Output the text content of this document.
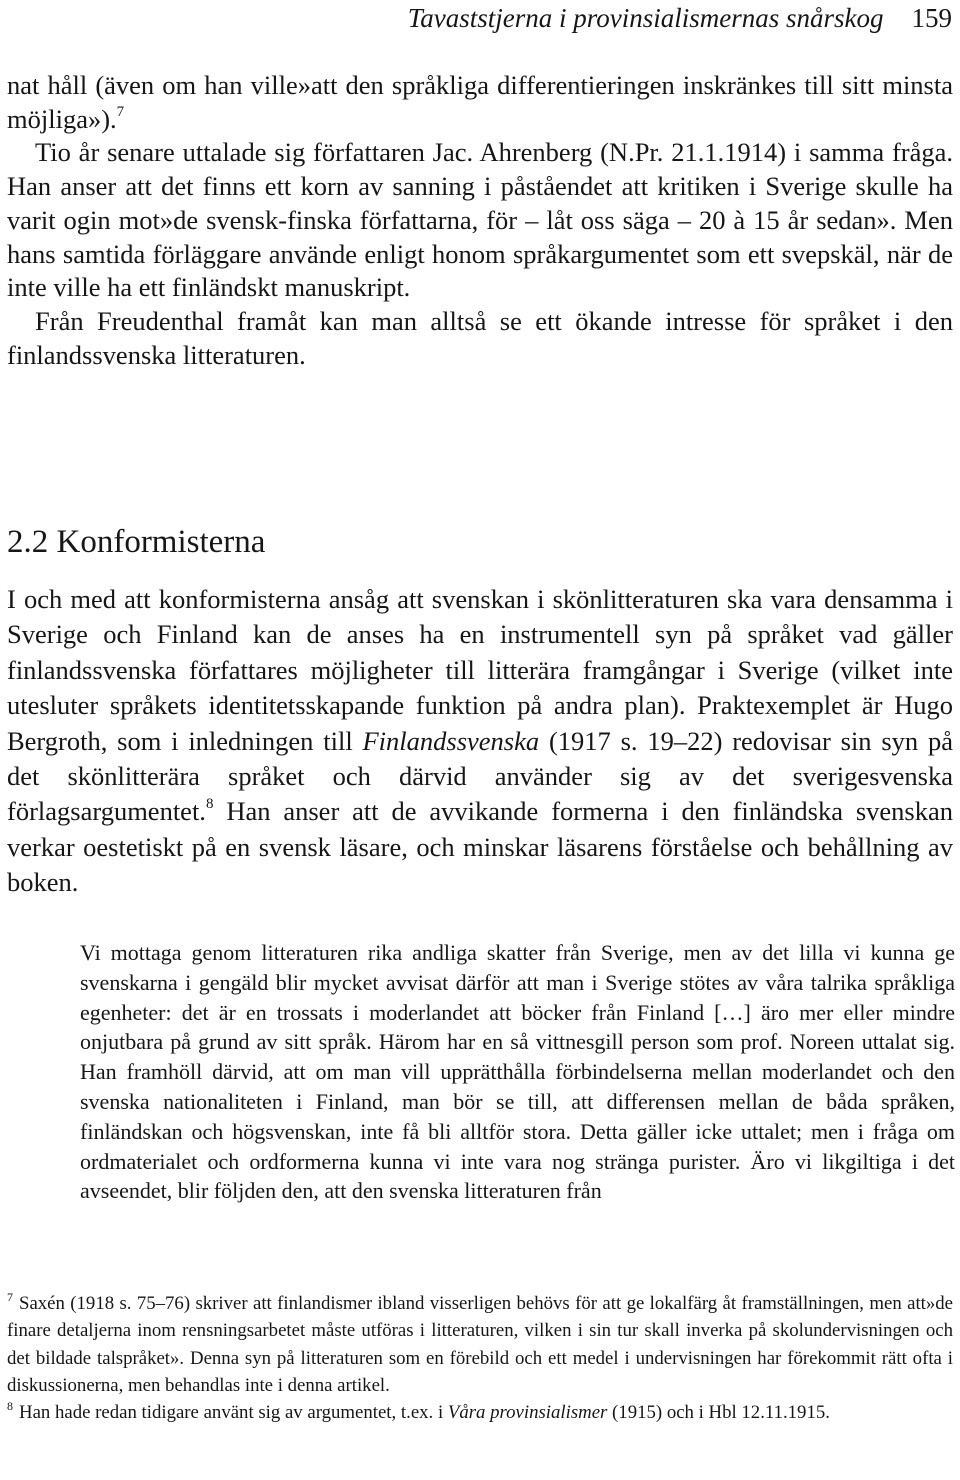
Tavaststjerna i provinsialismernas snårskog 159

nat håll (även om han ville»att den språkliga differentieringen inskränkes till sitt minsta möjliga»).$^7$

Tio år senare uttalade sig författaren Jac. Ahrenberg (N.Pr. 21.1.1914) i samma fråga. Han anser att det finns ett korn av sanning i påståendet att kritiken i Sverige skulle ha varit ogin mot»de svensk-finska författarna, för – låt oss säga – 20 à 15 år sedan». Men hans samtida förläggare använde enligt honom språkargumentet som ett svepskäl, när de inte ville ha ett finländskt manuskript.

Från Freudenthal framåt kan man alltså se ett ökande intresse för språket i den finlandssvenska litteraturen.

2.2 Konformisterna

I och med att konformisterna ansåg att svenskan i skönlitteraturen ska vara densamma i Sverige och Finland kan de anses ha en instrumentell syn på språket vad gäller finlandssvenska författares möjligheter till litterära framgångar i Sverige (vilket inte utesluter språkets identitetsskapande funktion på andra plan). Praktexemplet är Hugo Bergroth, som i inledningen till Finlandssvenska (1917 s. 19–22) redovisar sin syn på det skönlitterära språket och därvid använder sig av det sverigesvenska förlagsargumentet.$^8$ Han anser att de avvikande formerna i den finländska svenskan verkar oestetiskt på en svensk läsare, och minskar läsarens förståelse och behållning av boken.

Vi mottaga genom litteraturen rika andliga skatter från Sverige, men av det lilla vi kunna ge svenskarna i gengäld blir mycket avvisat därför att man i Sverige stötes av våra talrika språkliga egenheter: det är en trossats i moderlandet att böcker från Finland […] äro mer eller mindre onjutbara på grund av sitt språk. Härom har en så vittnesgill person som prof. Noreen uttalat sig. Han framhöll därvid, att om man vill upprätthålla förbindelserna mellan moderlandet och den svenska nationaliteten i Finland, man bör se till, att differensen mellan de båda språken, finländskan och högsvenskan, inte få bli alltför stora. Detta gäller icke uttalet; men i fråga om ordmaterialet och ordformerna kunna vi inte vara nog stränga purister. Äro vi likgiltiga i det avseendet, blir följden den, att den svenska litteraturen från

$^7$ Saxén (1918 s. 75–76) skriver att finlandismer ibland visserligen behövs för att ge lokalfärg åt framställningen, men att»de finare detaljerna inom rensningsarbetet måste utföras i litteraturen, vilken i sin tur skall inverka på skolundervisningen och det bildade talspråket». Denna syn på litteraturen som en förebild och ett medel i undervisningen har förekommit rätt ofta i diskussionerna, men behandlas inte i denna artikel.

$^8$ Han hade redan tidigare använt sig av argumentet, t.ex. i Våra provinsialismer (1915) och i Hbl 12.11.1915.
